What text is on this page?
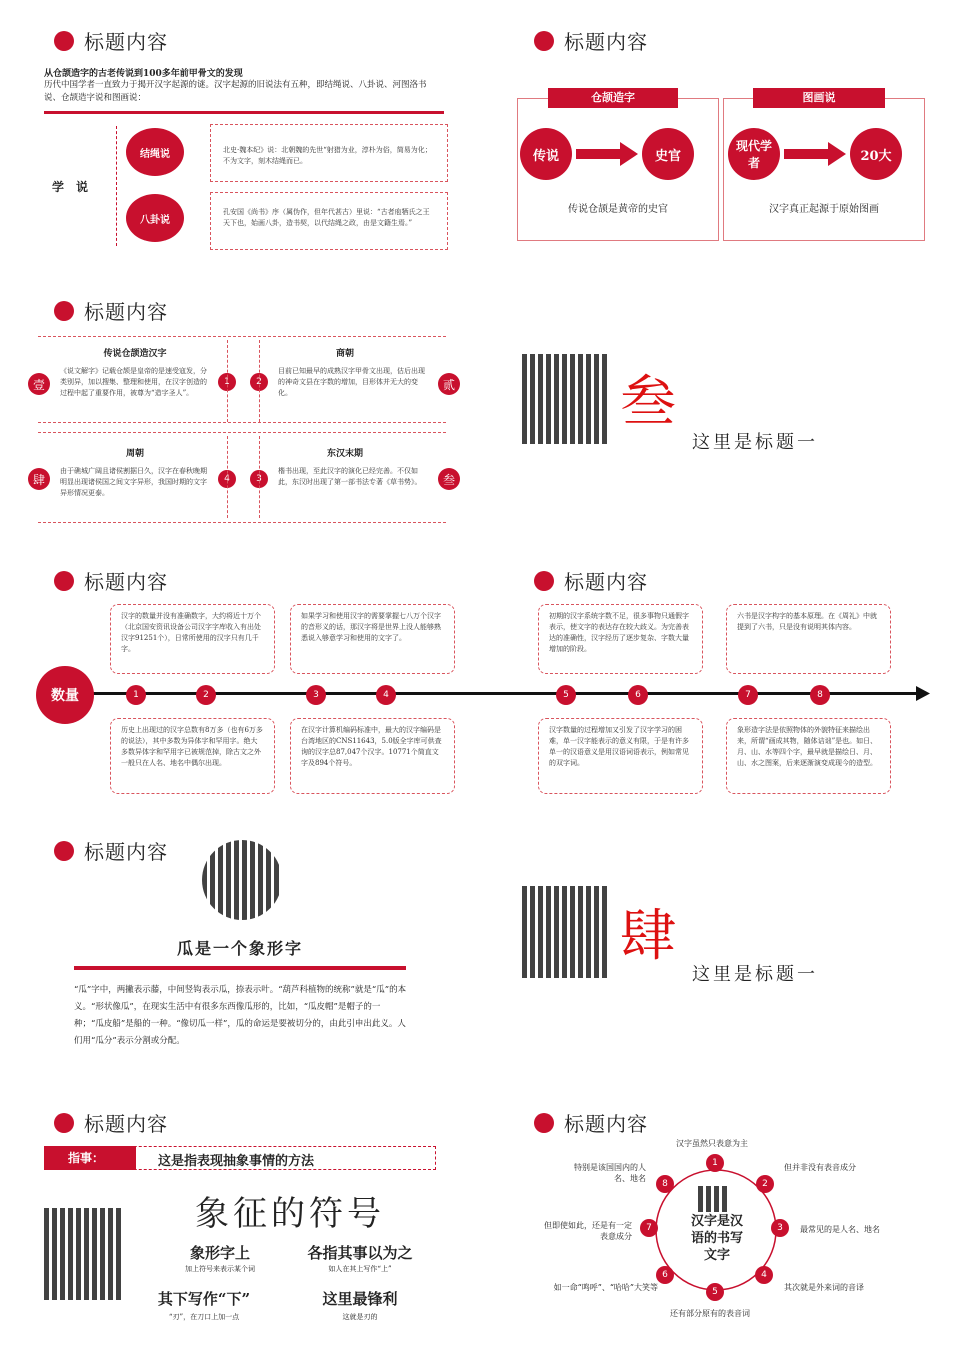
标题内容
从仓颉造字的古老传说到100多年前甲骨文的发现
历代中国学者一直致力于揭开汉字起源的谜。汉字起源的旧说法有五种，即结绳说、八卦说、河图洛书说、仓颉造字说和图画说：
学　说
结绳说
八卦说
北史·魏本纪》说：北朝魏的先世“射猎为业，淳朴为俗，简易为化；不为文字，刻木结绳而已。
孔安国《尚书》序（属伪作，但年代甚古）里说：“古者庖牺氏之王天下也，始画八卦，造书契，以代结绳之政，由是文籍生焉。”
标题内容
仓颉造字	图画说
传说	史官
现代学者	20大
传说仓颉是黄帝的史官	汉字真正起源于原始图画
标题内容
传说仓颉造汉字	商朝
周朝	东汉末期
《说文解字》记载仓颉是皇帝的是速受寇发，分类别异，加以搜集、整理和使用，在汉字创造的过程中起了重要作用，被尊为“造字圣人”。
目前已知最早的成熟汉字甲骨文出现，估后出现的神奇文县在字数的增加，目形体并无大的变化。
由于礁城广阔且诸侯割据日久，汉字在春秋晚期明显出现诸侯国之间文字异形，我国时期的文字异形情况更泰。
楷书出现，至此汉字的演化已经完善。不仅如此，东汉时出现了第一部书法专著《草书势》。
壹	贰
肆	叁
1	2
4	3
叁
这里是标题一
标题内容
数量	1	2	3	4
汉字的数量并没有准确数字，大约将近十万个（北京国安资讯设备公司汉字字库收入有出处汉字91251个），日常所使用的汉字只有几千字。
如果学习和使用汉字的需要掌握七八万个汉字的音形义的话，那汉字将是世界上没人能够熟悉说入够意学习和使用的文字了。
历史上出现过的汉字总数有8万多（也有6万多的说法），其中多数为异体字和罕用字。绝大多数异体字和罕用字已被规范掉，除古文之外一般只在人名、地名中偶尔出现。
在汉字计算机编码标准中，最大的汉字编码是台湾地区的CNS11643，5.0版全字库可供查询的汉字总87,047个汉字。10771个简直文字及894个符号。
标题内容
5	6	7	8
初期的汉字系统字数不足，很多事物只通假字表示，使文字的表达存在较大歧义。为完善表达的准确性，汉字经历了逐步复杂、字数大量增加的阶段。
六书是汉字构字的基本原理。在《周礼》中就提到了六书，只是没有说明其体内容。
汉字数量的过程增加又引发了汉字学习的困难，单一汉字能表示的意义有限，于是有许多单一的汉语意义是用汉语词语表示，例如常见的双字词。
象形造字法是依照物体的外貌特征来描绘出来，所谓“画成其物，随体诘诎”是也。如日、月、山、水等四个字，最早就是描绘日、月、山、水之图案，后来逐渐演变成现今的造型。
标题内容
瓜是一个象形字
“瓜”字中，两撇表示藤，中间竖钩表示瓜，捺表示叶。“葫芦科植物的统称”就是“瓜”的本义。“形状像瓜”，在现实生活中有很多东西像瓜形的，比如，“瓜皮帽”是帽子的一种；“瓜皮船”是船的一种。“像切瓜一样”，瓜的命运是要被切分的，由此引申出此义。人们用“瓜分”表示分割或分配。
肆
这里是标题一
标题内容
指事：	这是指表现抽象事情的方法
象征的符号
象形字上
加上符号来表示某个词
各指其事以为之
如人在其上写作“上”
其下写作“下”
“刃”，在刀口上加一点
这里最锋利
这就是刃的
标题内容
汉字是汉语的书写文字
1
2
3
4
5
6
7
8
汉字虽然只表意为主
但并非没有表音成分
最常见的是人名、地名
其次就是外来词的音译
还有部分原有的表音词
如一命“鸣呼”、“哈哈”大笑等
但即使如此，还是有一定表意成分
特别是该国国内的人名、地名
